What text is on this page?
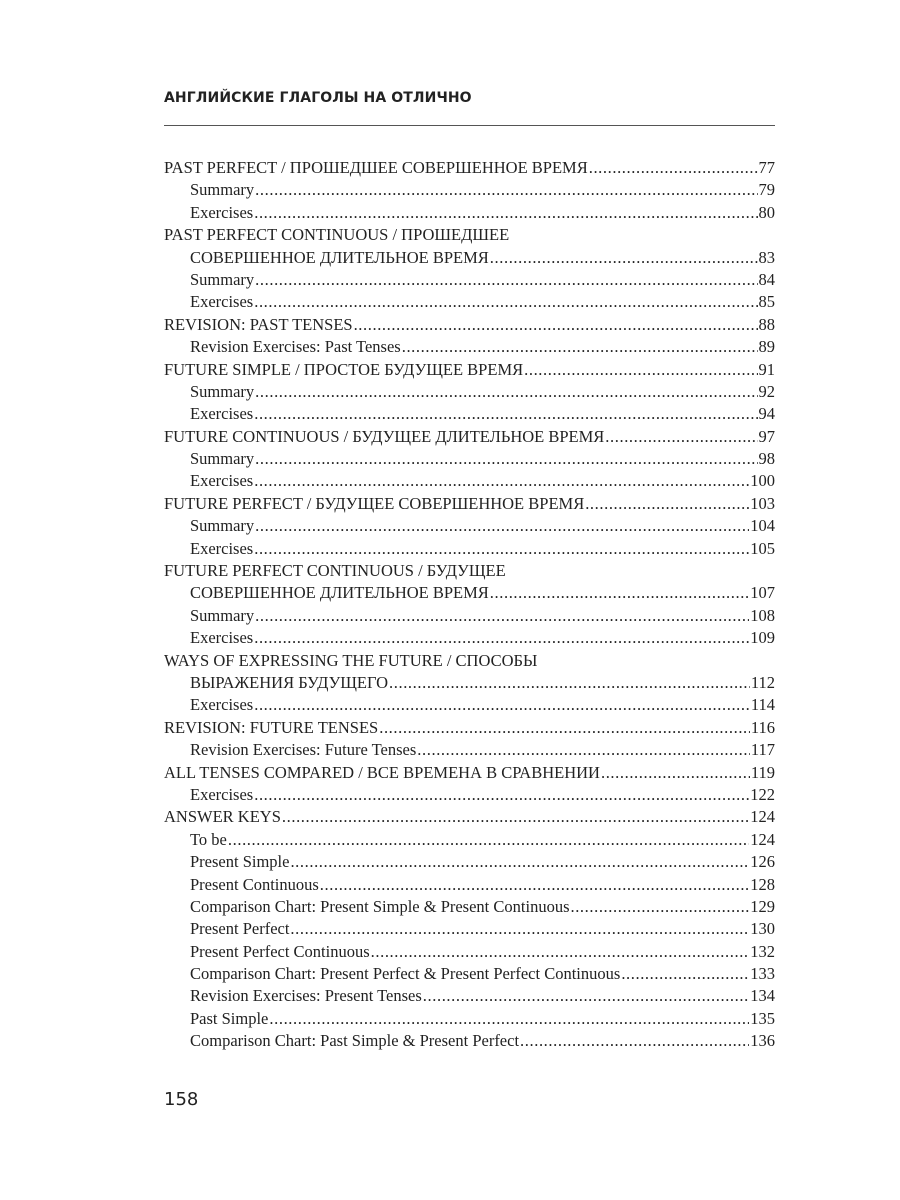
АНГЛИЙСКИЕ ГЛАГОЛЫ НА ОТЛИЧНО
PAST PERFECT / ПРОШЕДШЕЕ СОВЕРШЕННОЕ ВРЕМЯ .....	77
Summary .....	79
Exercises .....	80
PAST PERFECT CONTINUOUS / ПРОШЕДШЕЕ
СОВЕРШЕННОЕ ДЛИТЕЛЬНОЕ ВРЕМЯ .....	83
Summary .....	84
Exercises .....	85
REVISION: PAST TENSES .....	88
Revision Exercises: Past Tenses .....	89
FUTURE SIMPLE / ПРОСТОЕ БУДУЩЕЕ ВРЕМЯ .....	91
Summary .....	92
Exercises .....	94
FUTURE CONTINUOUS / БУДУЩЕЕ ДЛИТЕЛЬНОЕ ВРЕМЯ .....	97
Summary .....	98
Exercises .....	100
FUTURE PERFECT / БУДУЩЕЕ СОВЕРШЕННОЕ ВРЕМЯ .....	103
Summary .....	104
Exercises .....	105
FUTURE PERFECT CONTINUOUS / БУДУЩЕЕ
СОВЕРШЕННОЕ ДЛИТЕЛЬНОЕ ВРЕМЯ .....	107
Summary .....	108
Exercises .....	109
WAYS OF EXPRESSING THE FUTURE / СПОСОБЫ
ВЫРАЖЕНИЯ БУДУЩЕГО .....	112
Exercises .....	114
REVISION: FUTURE TENSES .....	116
Revision Exercises: Future Tenses .....	117
ALL TENSES COMPARED / ВСЕ ВРЕМЕНА В СРАВНЕНИИ .....	119
Exercises .....	122
ANSWER KEYS .....	124
To be .....	124
Present Simple .....	126
Present Continuous .....	128
Comparison Chart: Present Simple & Present Continuous .....	129
Present Perfect .....	130
Present Perfect Continuous .....	132
Comparison Chart: Present Perfect & Present Perfect Continuous .....	133
Revision Exercises: Present Tenses .....	134
Past Simple .....	135
Comparison Chart: Past Simple & Present Perfect .....	136
158
